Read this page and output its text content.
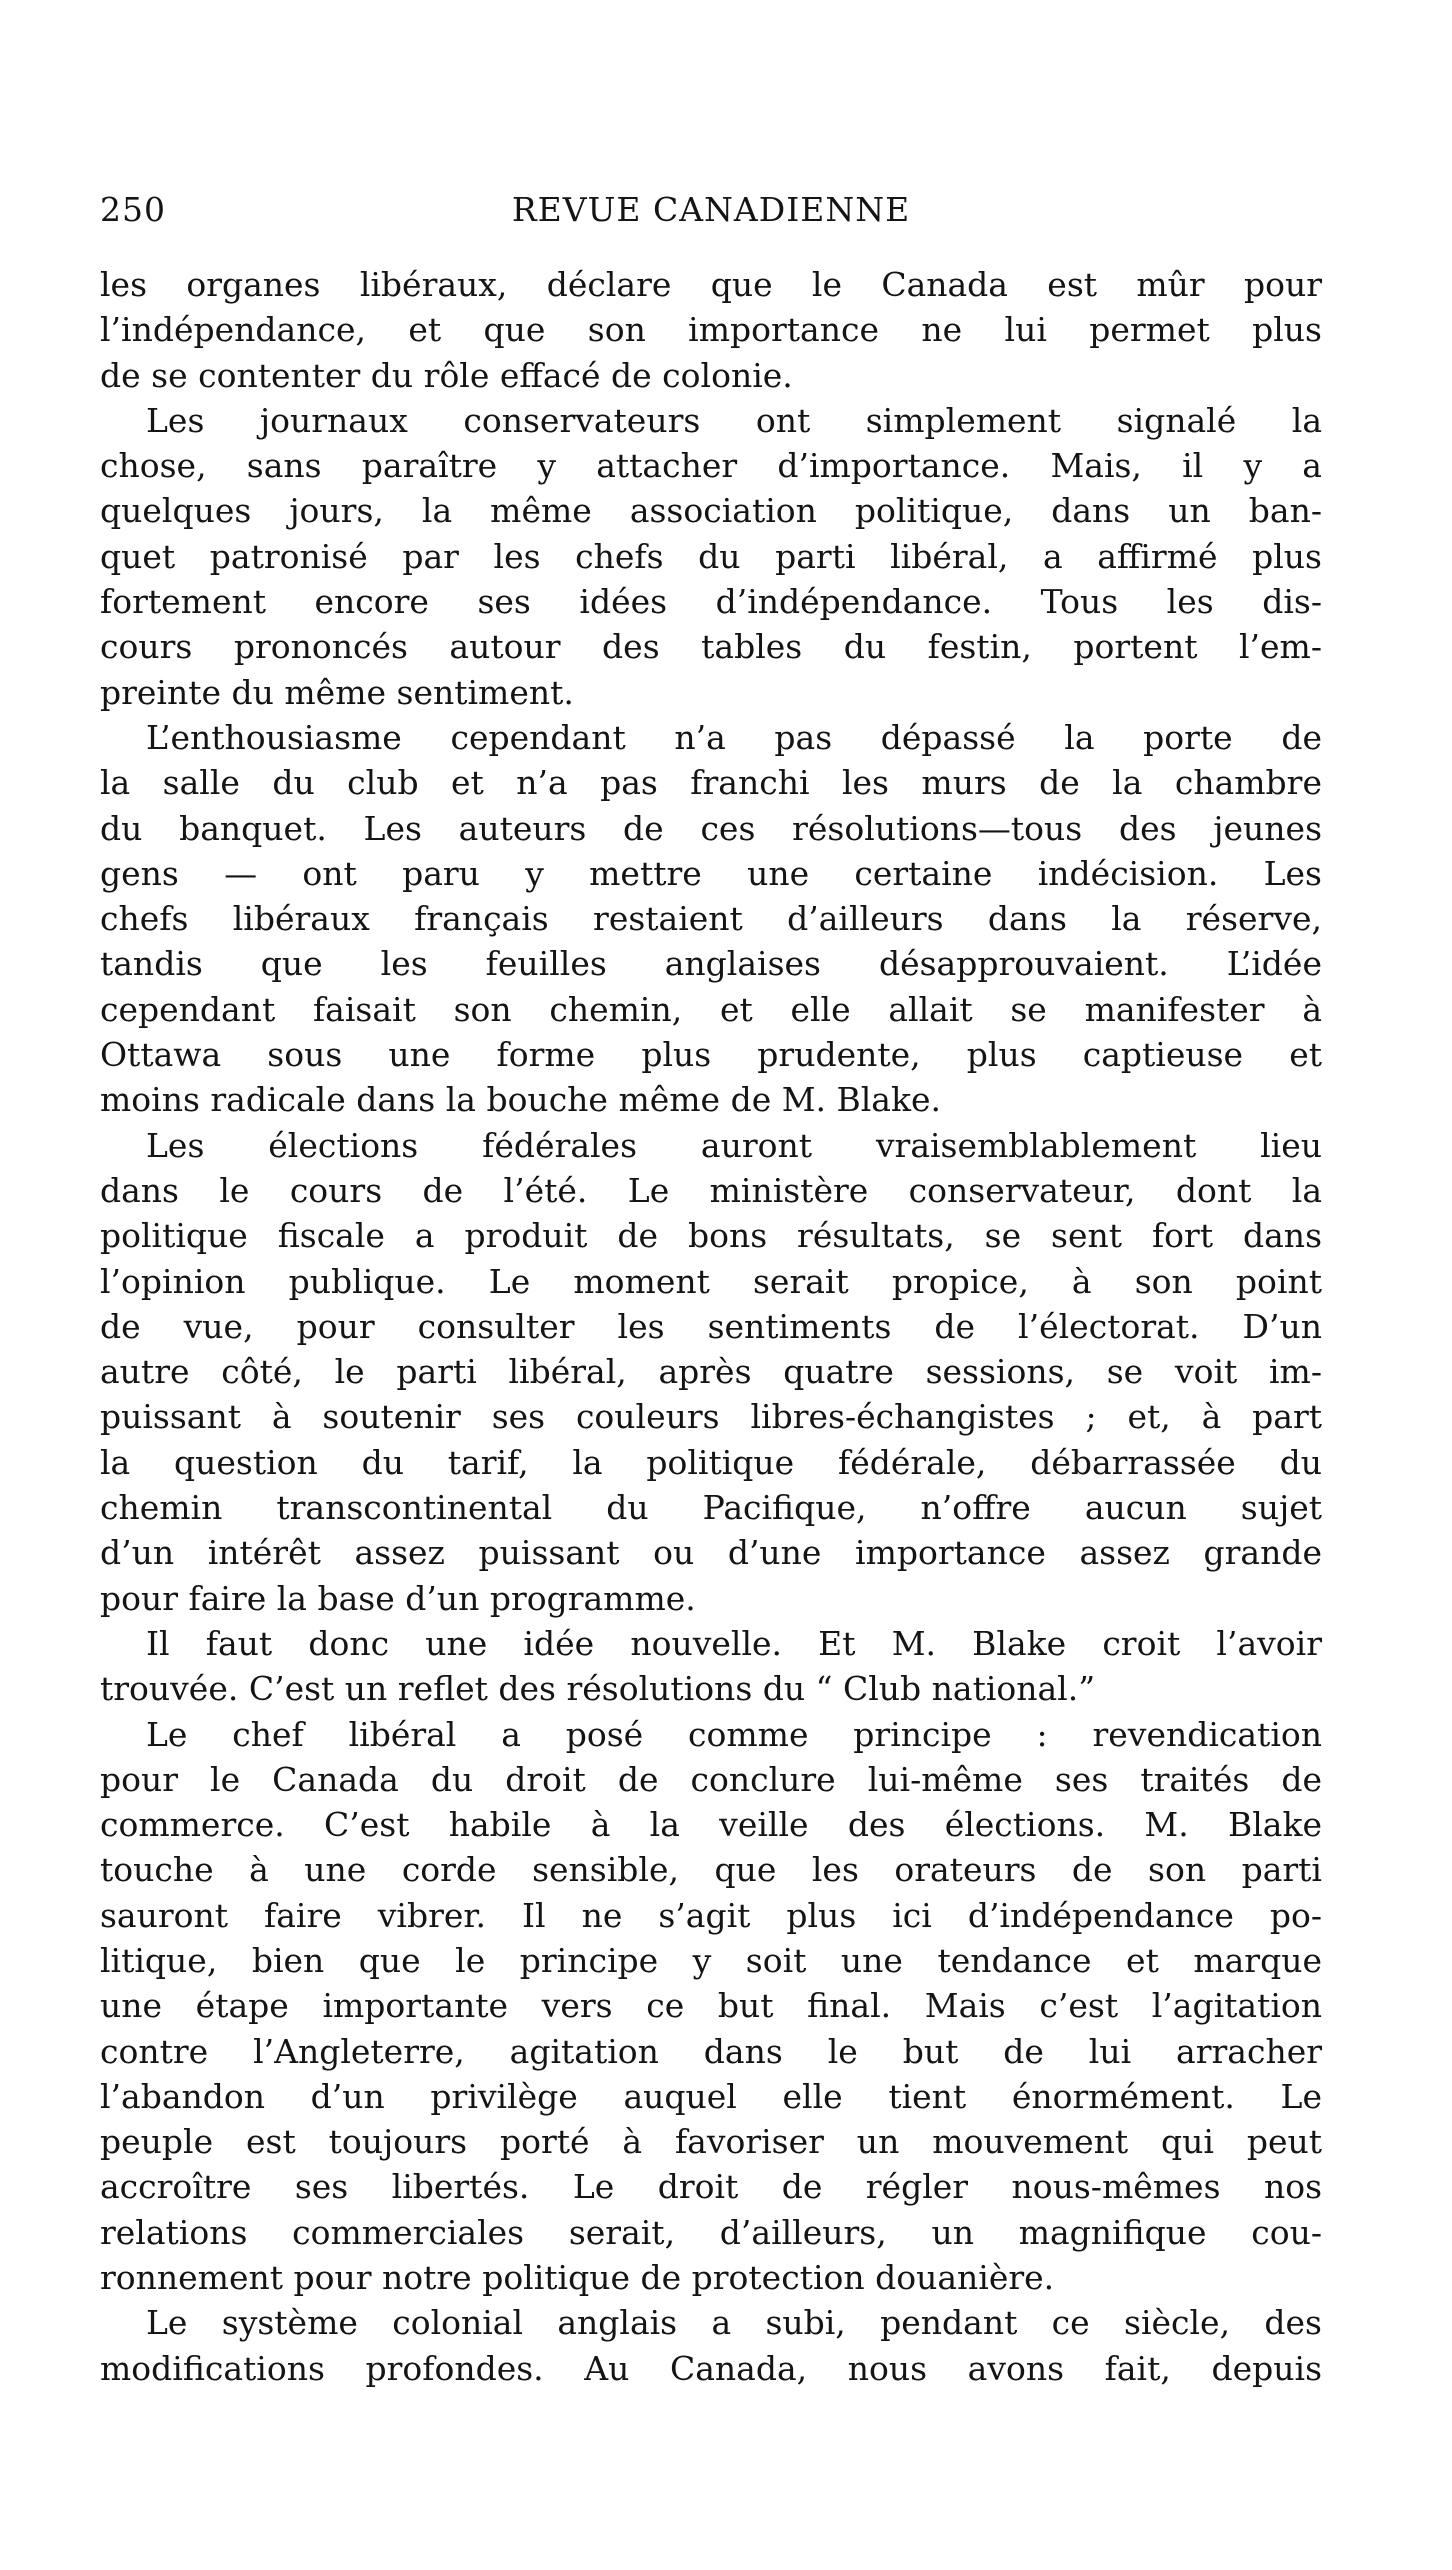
250	REVUE CANADIENNE

les organes libéraux, déclare que le Canada est mûr pour
l’indépendance, et que son importance ne lui permet plus
de se contenter du rôle effacé de colonie.

Les journaux conservateurs ont simplement signalé la
chose, sans paraître y attacher d’importance. Mais, il y a
quelques jours, la même association politique, dans un ban-
quet patronisé par les chefs du parti libéral, a affirmé plus
fortement encore ses idées d’indépendance. Tous les dis-
cours prononcés autour des tables du festin, portent l’em-
preinte du même sentiment.

L’enthousiasme cependant n’a pas dépassé la porte de
la salle du club et n’a pas franchi les murs de la chambre
du banquet. Les auteurs de ces résolutions—tous des jeunes
gens — ont paru y mettre une certaine indécision. Les
chefs libéraux français restaient d’ailleurs dans la réserve,
tandis que les feuilles anglaises désapprouvaient. L’idée
cependant faisait son chemin, et elle allait se manifester à
Ottawa sous une forme plus prudente, plus captieuse et
moins radicale dans la bouche même de M. Blake.

Les élections fédérales auront vraisemblablement lieu
dans le cours de l’été. Le ministère conservateur, dont la
politique fiscale a produit de bons résultats, se sent fort dans
l’opinion publique. Le moment serait propice, à son point
de vue, pour consulter les sentiments de l’électorat. D’un
autre côté, le parti libéral, après quatre sessions, se voit im-
puissant à soutenir ses couleurs libres-échangistes ; et, à part
la question du tarif, la politique fédérale, débarrassée du
chemin transcontinental du Pacifique, n’offre aucun sujet
d’un intérêt assez puissant ou d’une importance assez grande
pour faire la base d’un programme.

Il faut donc une idée nouvelle. Et M. Blake croit l’avoir
trouvée. C’est un reflet des résolutions du “ Club national.”

Le chef libéral a posé comme principe : revendication
pour le Canada du droit de conclure lui-même ses traités de
commerce. C’est habile à la veille des élections. M. Blake
touche à une corde sensible, que les orateurs de son parti
sauront faire vibrer. Il ne s’agit plus ici d’indépendance po-
litique, bien que le principe y soit une tendance et marque
une étape importante vers ce but final. Mais c’est l’agitation
contre l’Angleterre, agitation dans le but de lui arracher
l’abandon d’un privilège auquel elle tient énormément. Le
peuple est toujours porté à favoriser un mouvement qui peut
accroître ses libertés. Le droit de régler nous-mêmes nos
relations commerciales serait, d’ailleurs, un magnifique cou-
ronnement pour notre politique de protection douanière.

Le système colonial anglais a subi, pendant ce siècle, des
modifications profondes. Au Canada, nous avons fait, depuis
